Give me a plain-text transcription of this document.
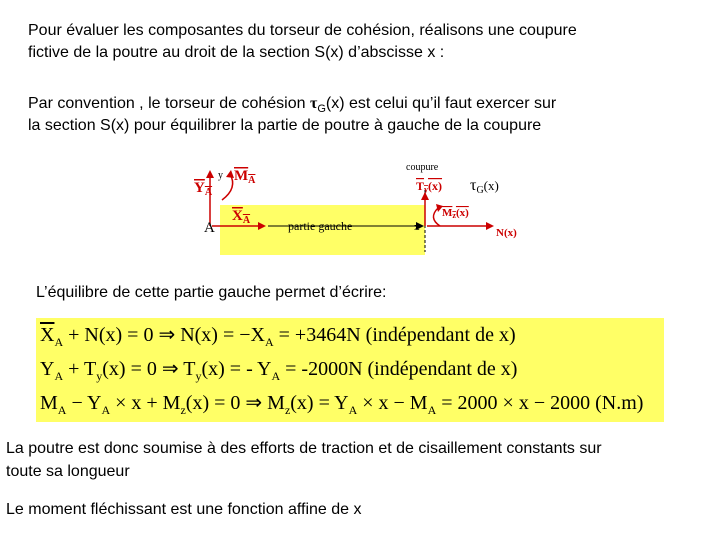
Pour évaluer les composantes du torseur de cohésion, réalisons une coupure
fictive de la poutre au droit de la section S(x) d’abscisse x :
Par convention , le torseur de cohésion $\tau_G(x)$ est celui qu’il faut exercer sur
la section S(x) pour équilibrer la partie de poutre à gauche de la coupure
$Y_A$
$M_A$
y
$X_A$
A	partie gauche
coupure
Ty(x) τG(x)
Mz(x)
x	N(x)
L’équilibre de cette partie gauche permet d’écrire:
$\overline{X}_A + N(x) = 0$ ⇒ $N(x) = -X_A = +3464N$ (indépendant de x)
$Y_A + T_y(x) = 0$ ⇒ $T_y(x)$ = - $Y_A = -2000N$ (indépendant de x)
$M_A - Y_A \times x + M_z(x) = 0$ ⇒ $M_z(x) = Y_A \times x - M_A = 2000 \times x - 2000$ (N.m)
La poutre est donc soumise à des efforts de traction et de cisaillement constants sur
toute sa longueur
Le moment fléchissant est une fonction affine de x
